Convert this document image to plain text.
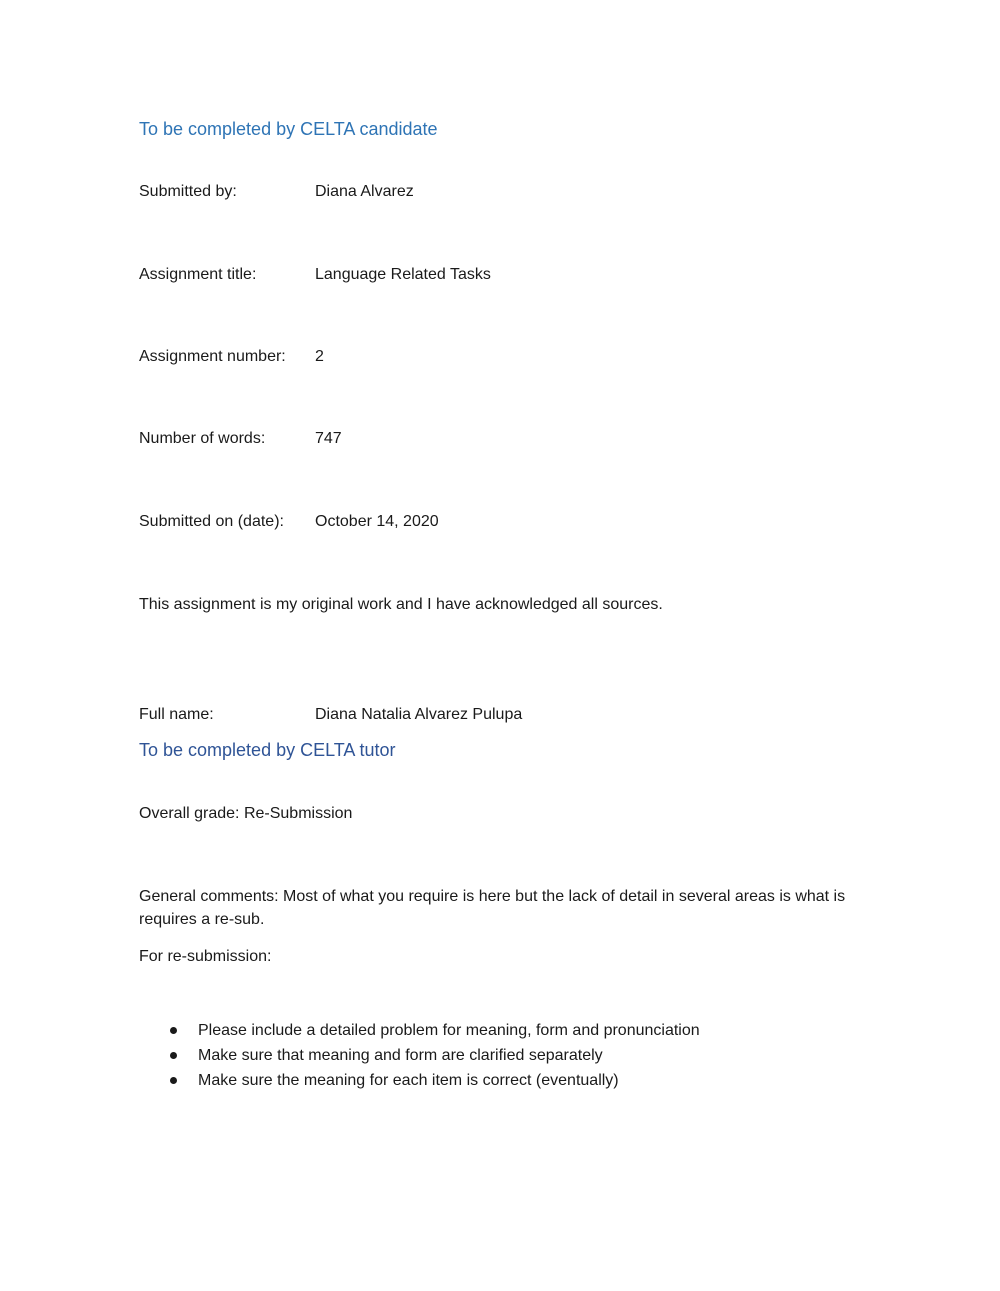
To be completed by CELTA candidate
Submitted by:	Diana Alvarez
Assignment title:	Language Related Tasks
Assignment number: 2
Number of words:	747
Submitted on (date): October 14, 2020
This assignment is my original work and I have acknowledged all sources.
Full name:	Diana Natalia Alvarez Pulupa
To be completed by CELTA tutor
Overall grade: Re-Submission
General comments: Most of what you require is here but the lack of detail in several areas is what is requires a re-sub.
For re-submission:
Please include a detailed problem for meaning, form and pronunciation
Make sure that meaning and form are clarified separately
Make sure the meaning for each item is correct (eventually)
